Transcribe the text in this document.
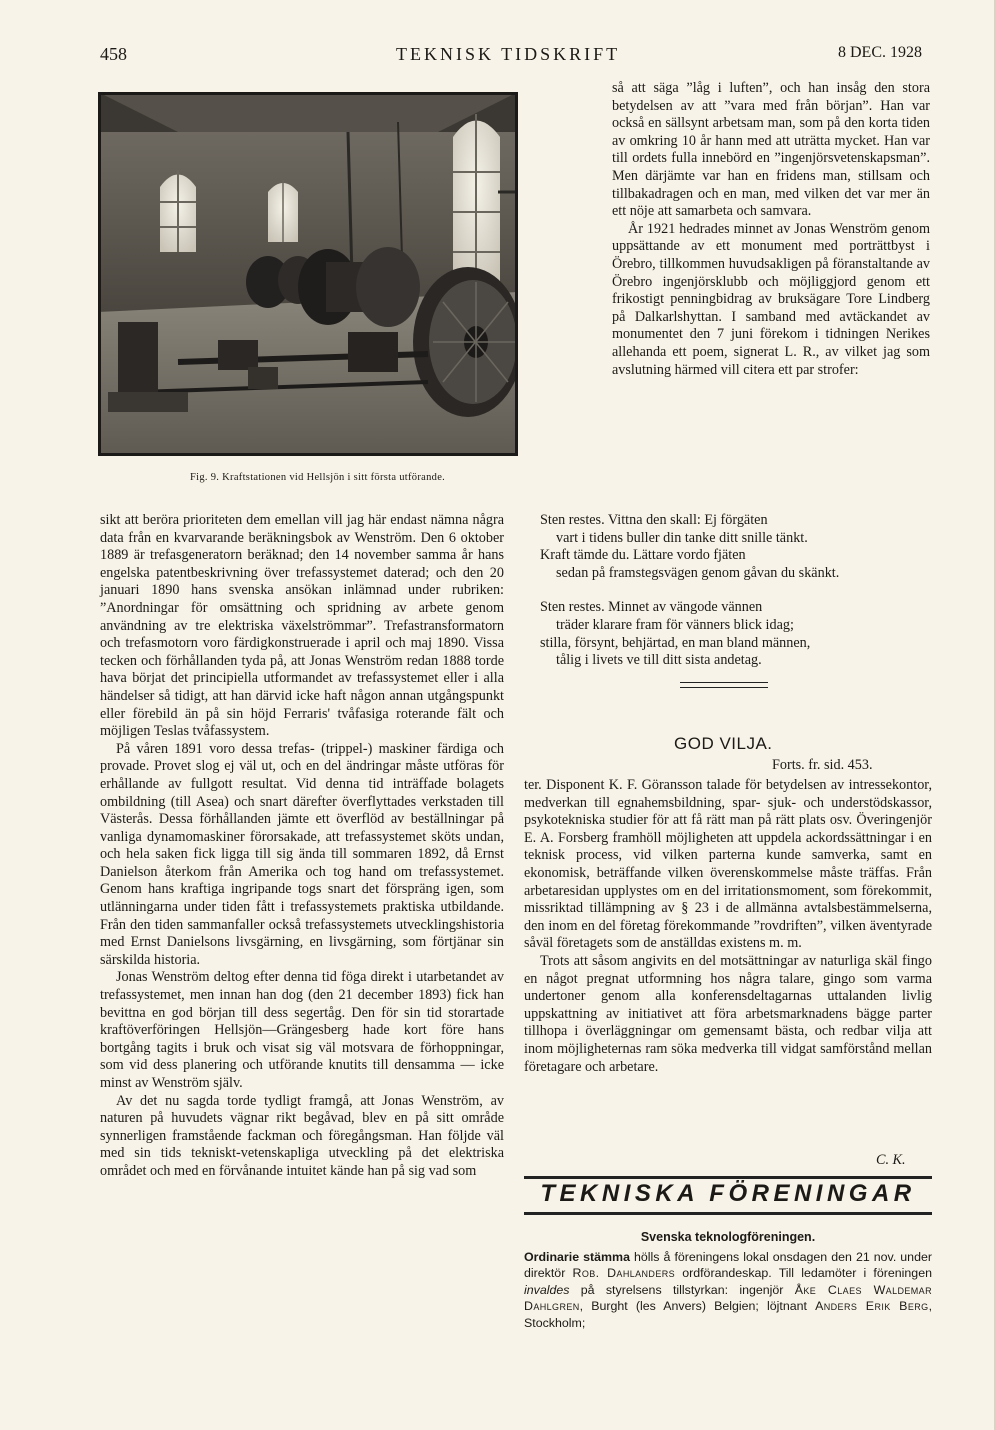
458	TEKNISK TIDSKRIFT	8 DEC. 1928
Fig. 9. Kraftstationen vid Hellsjön i sitt första utförande.

så att säga ”låg i luften”, och han insåg den stora betydelsen av att ”vara med från början”. Han var också en sällsynt arbetsam man, som på den korta tiden av omkring 10 år hann med att uträtta mycket. Han var till ordets fulla innebörd en ”ingenjörsvetenskapsman”. Men därjämte var han en fridens man, stillsam och tillbakadragen och en man, med vilken det var mer än ett nöje att samarbeta och samvara.

År 1921 hedrades minnet av Jonas Wenström genom uppsättande av ett monument med porträttbyst i Örebro, tillkommen huvudsakligen på föranstaltande av Örebro ingenjörsklubb och möjliggjord genom ett frikostigt penningbidrag av bruksägare Tore Lindberg på Dalkarlshyttan. I samband med avtäckandet av monumentet den 7 juni förekom i tidningen Nerikes allehanda ett poem, signerat L. R., av vilket jag som avslutning härmed vill citera ett par strofer:

sikt att beröra prioriteten dem emellan vill jag här endast nämna några data från en kvarvarande beräkningsbok av Wenström. Den 6 oktober 1889 är trefasgeneratorn beräknad; den 14 november samma år hans engelska patentbeskrivning över trefassystemet daterad; och den 20 januari 1890 hans svenska ansökan inlämnad under rubriken: ”Anordningar för omsättning och spridning av arbete genom användning av tre elektriska växelströmmar”. Trefastransformatorn och trefasmotorn voro färdigkonstruerade i april och maj 1890. Vissa tecken och förhållanden tyda på, att Jonas Wenström redan 1888 torde hava börjat det principiella utformandet av trefassystemet eller i alla händelser så tidigt, att han därvid icke haft någon annan utgångspunkt eller förebild än på sin höjd Ferraris' tvåfasiga roterande fält och möjligen Teslas tvåfassystem.

På våren 1891 voro dessa trefas- (trippel-) maskiner färdiga och provade. Provet slog ej väl ut, och en del ändringar måste utföras för erhållande av fullgott resultat. Vid denna tid inträffade bolagets ombildning (till Asea) och snart därefter överflyttades verkstaden till Västerås. Dessa förhållanden jämte ett överflöd av beställningar på vanliga dynamomaskiner förorsakade, att trefassystemet sköts undan, och hela saken fick ligga till sig ända till sommaren 1892, då Ernst Danielson återkom från Amerika och tog hand om trefassystemet. Genom hans kraftiga ingripande togs snart det förspräng igen, som utlänningarna under tiden fått i trefassystemets praktiska utbildande. Från den tiden sammanfaller också trefassystemets utvecklingshistoria med Ernst Danielsons livsgärning, en livsgärning, som förtjänar sin särskilda historia.

Jonas Wenström deltog efter denna tid föga direkt i utarbetandet av trefassystemet, men innan han dog (den 21 december 1893) fick han bevittna en god början till dess segertåg. Den för sin tid storartade kraftöverföringen Hellsjön—Grängesberg hade kort före hans bortgång tagits i bruk och visat sig väl motsvara de förhoppningar, som vid dess planering och utförande knutits till densamma — icke minst av Wenström själv.

Av det nu sagda torde tydligt framgå, att Jonas Wenström, av naturen på huvudets vägnar rikt begåvad, blev en på sitt område synnerligen framstående fackman och föregångsman. Han följde väl med sin tids tekniskt-vetenskapliga utveckling på det elektriska området och med en förvånande intuitet kände han på sig vad som

Sten restes. Vittna den skall: Ej förgäten
vart i tidens buller din tanke ditt snille tänkt.
Kraft tämde du. Lättare vordo fjäten
sedan på framstegsvägen genom gåvan du skänkt.
Sten restes. Minnet av vängode vännen
träder klarare fram för vänners blick idag;
stilla, försynt, behjärtad, en man bland männen,
tålig i livets ve till ditt sista andetag.
GOD VILJA.
Forts. fr. sid. 453.

ter. Disponent K. F. Göransson talade för betydelsen av intressekontor, medverkan till egnahemsbildning, spar- sjuk- och understödskassor, psykotekniska studier för att få rätt man på rätt plats osv. Överingenjör E. A. Forsberg framhöll möjligheten att uppdela ackordssättningar i en teknisk process, vid vilken parterna kunde samverka, samt en ekonomisk, beträffande vilken överenskommelse måste träffas. Från arbetaresidan upplystes om en del irritationsmoment, som förekommit, missriktad tillämpning av § 23 i de allmänna avtalsbestämmelserna, den inom en del företag förekommande ”rovdriften”, vilken äventyrade såväl företagets som de anställdas existens m. m.

Trots att såsom angivits en del motsättningar av naturliga skäl fingo en något pregnat utformning hos några talare, gingo som varma undertoner genom alla konferensdeltagarnas uttalanden livlig uppskattning av initiativet att föra arbetsmarknadens bägge parter tillhopa i överläggningar om gemensamt bästa, och redbar vilja att inom möjligheternas ram söka medverka till vidgat samförstånd mellan företagare och arbetare.

C. K.
TEKNISKA FÖRENINGAR
Svenska teknologföreningen.

Ordinarie stämma hölls å föreningens lokal onsdagen den 21 nov. under direktör Rob. Dahlanders ordförandeskap. Till ledamöter i föreningen invaldes på styrelsens tillstyrkan: ingenjör Åke Claes Waldemar Dahlgren, Burght (les Anvers) Belgien; löjtnant Anders Erik Berg, Stockholm;
